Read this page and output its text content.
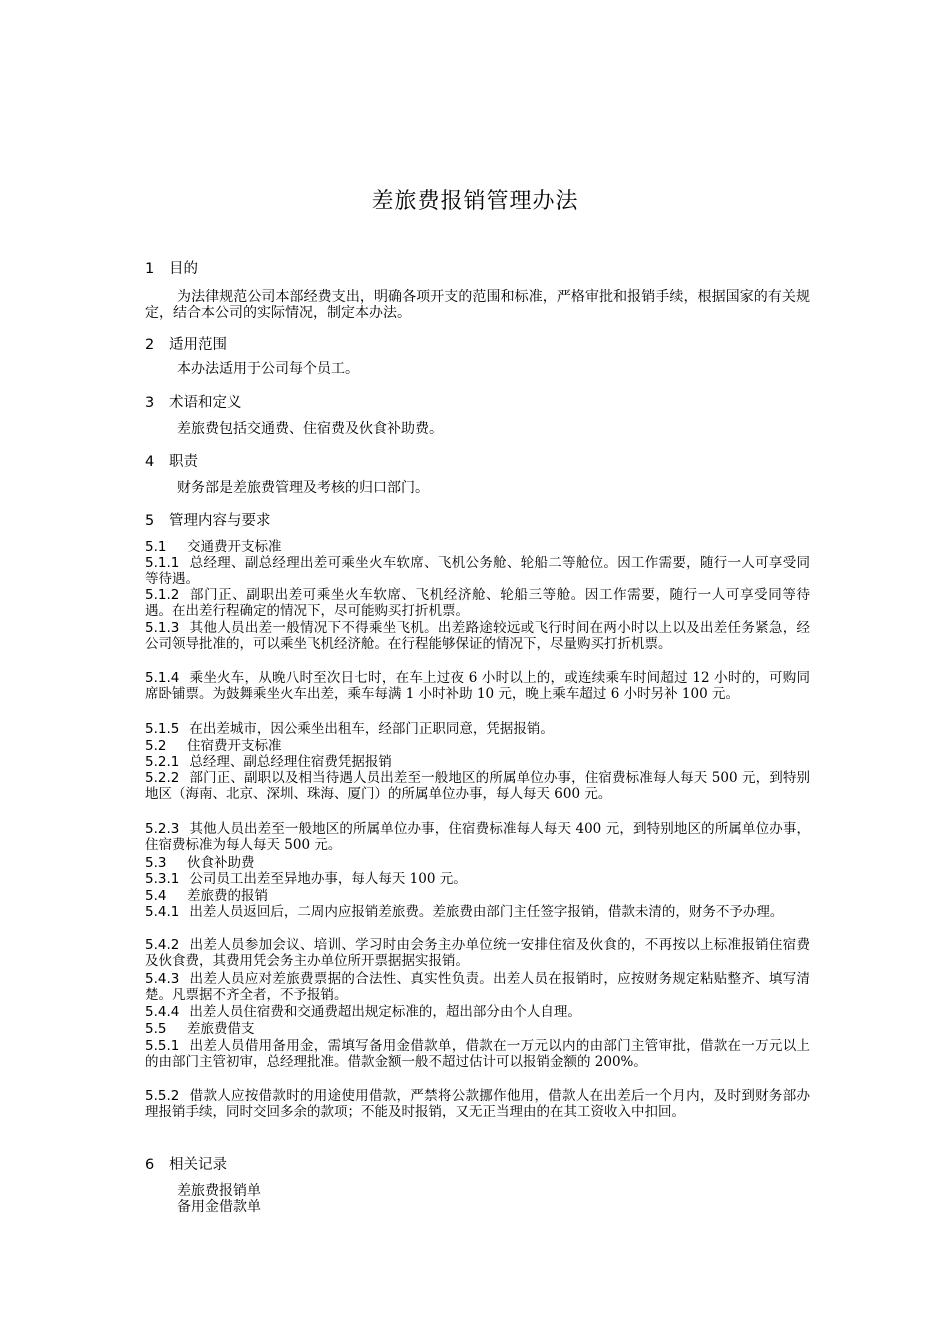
差旅费报销管理办法
1 目的
为法律规范公司本部经费支出，明确各项开支的范围和标准，严格审批和报销手续，根据国家的有关规定，结合本公司的实际情况，制定本办法。
2 适用范围
本办法适用于公司每个员工。
3 术语和定义
差旅费包括交通费、住宿费及伙食补助费。
4 职责
财务部是差旅费管理及考核的归口部门。
5 管理内容与要求
5.1 交通费开支标准
5.1.1 总经理、副总经理出差可乘坐火车软席、飞机公务舱、轮船二等舱位。因工作需要，随行一人可享受同等待遇。
5.1.2 部门正、副职出差可乘坐火车软席、飞机经济舱、轮船三等舱。因工作需要，随行一人可享受同等待遇。在出差行程确定的情况下，尽可能购买打折机票。
5.1.3 其他人员出差一般情况下不得乘坐飞机。出差路途较远或飞行时间在两小时以上以及出差任务紧急，经公司领导批准的，可以乘坐飞机经济舱。在行程能够保证的情况下，尽量购买打折机票。
5.1.4 乘坐火车，从晚八时至次日七时，在车上过夜 6 小时以上的，或连续乘车时间超过 12 小时的，可购同席卧铺票。为鼓舞乘坐火车出差，乘车每满 1 小时补助 10 元，晚上乘车超过 6 小时另补 100 元。
5.1.5 在出差城市，因公乘坐出租车，经部门正职同意，凭据报销。
5.2 住宿费开支标准
5.2.1 总经理、副总经理住宿费凭据报销
5.2.2 部门正、副职以及相当待遇人员出差至一般地区的所属单位办事，住宿费标准每人每天 500 元，到特别地区（海南、北京、深圳、珠海、厦门）的所属单位办事，每人每天 600 元。
5.2.3 其他人员出差至一般地区的所属单位办事，住宿费标准每人每天 400 元，到特别地区的所属单位办事，住宿费标准为每人每天 500 元。
5.3 伙食补助费
5.3.1 公司员工出差至异地办事，每人每天 100 元。
5.4 差旅费的报销
5.4.1 出差人员返回后，二周内应报销差旅费。差旅费由部门主任签字报销，借款未清的，财务不予办理。
5.4.2 出差人员参加会议、培训、学习时由会务主办单位统一安排住宿及伙食的，不再按以上标准报销住宿费及伙食费，其费用凭会务主办单位所开票据据实报销。
5.4.3 出差人员应对差旅费票据的合法性、真实性负责。出差人员在报销时，应按财务规定粘贴整齐、填写清楚。凡票据不齐全者，不予报销。
5.4.4 出差人员住宿费和交通费超出规定标准的，超出部分由个人自理。
5.5 差旅费借支
5.5.1 出差人员借用备用金，需填写备用金借款单，借款在一万元以内的由部门主管审批，借款在一万元以上的由部门主管初审，总经理批准。借款金额一般不超过估计可以报销金额的 200%。
5.5.2 借款人应按借款时的用途使用借款，严禁将公款挪作他用，借款人在出差后一个月内，及时到财务部办理报销手续，同时交回多余的款项；不能及时报销，又无正当理由的在其工资收入中扣回。
6 相关记录
差旅费报销单
备用金借款单
